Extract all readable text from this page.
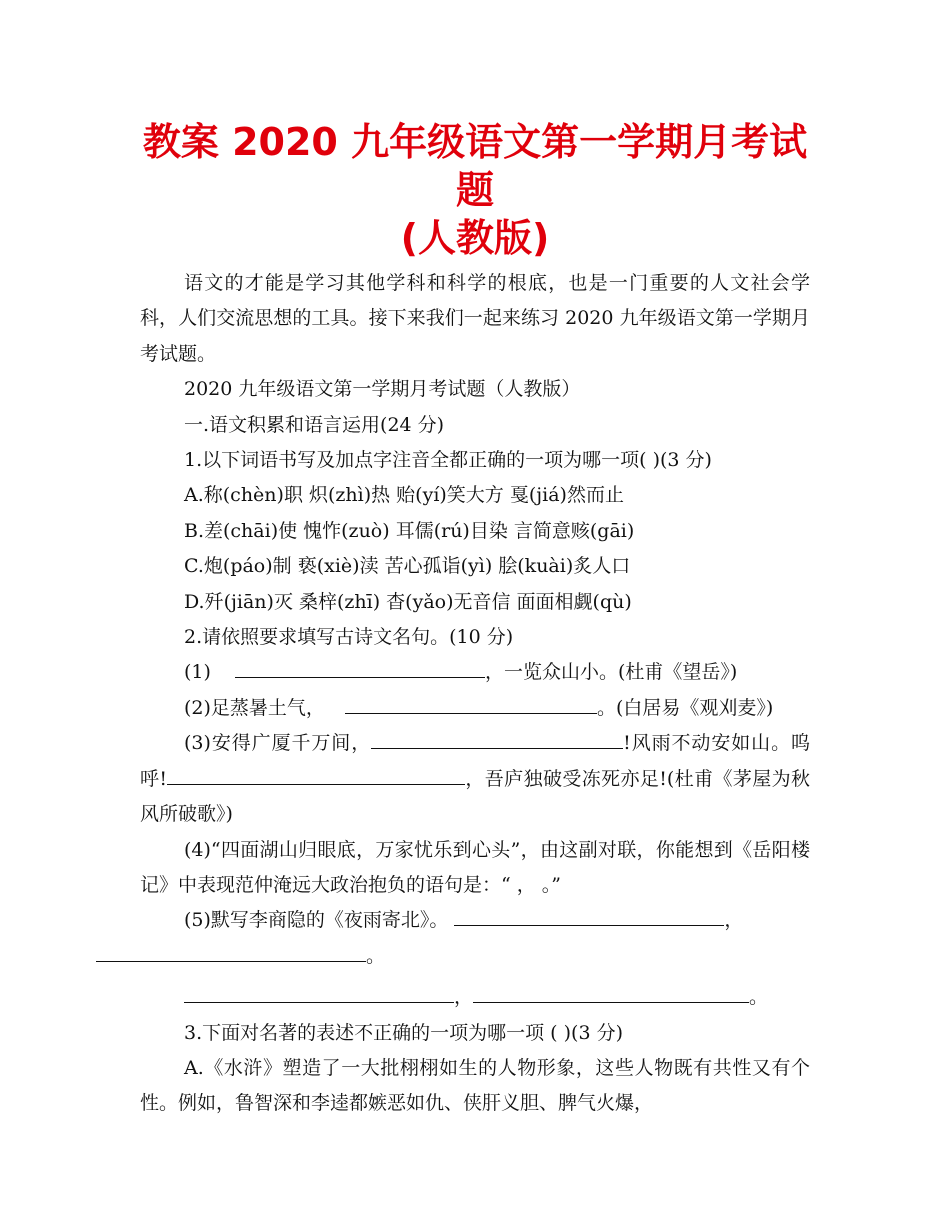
教案 2020 九年级语文第一学期月考试题
(人教版)

语文的才能是学习其他学科和科学的根底，也是一门重要的人文社会学科，人们交流思想的工具。接下来我们一起来练习 2020 九年级语文第一学期月考试题。

2020 九年级语文第一学期月考试题（人教版）

一.语文积累和语言运用(24 分)

1.以下词语书写及加点字注音全都正确的一项为哪一项( )(3 分)

A.称(chèn)职 炽(zhì)热 贻(yí)笑大方 戛(jiá)然而止

B.差(chāi)使 愧怍(zuò) 耳儒(rú)目染 言简意赅(gāi)

C.炮(páo)制 亵(xiè)渎 苦心孤诣(yì) 脍(kuài)炙人口

D.歼(jiān)灭 桑梓(zhī) 杳(yǎo)无音信 面面相觑(qù)

2.请依照要求填写古诗文名句。(10 分)

(1)	，一览众山小。(杜甫《望岳》)

(2)足蒸暑土气，	。(白居易《观刈麦》)

(3)安得广厦千万间，	!风雨不动安如山。呜呼!	，吾庐独破受冻死亦足!(杜甫《茅屋为秋风所破歌》)

(4)“四面湖山归眼底，万家忧乐到心头”，由这副对联，你能想到《岳阳楼记》中表现范仲淹远大政治抱负的语句是：“ ， 。”

(5)默写李商隐的《夜雨寄北》。	，
。

，	。

3.下面对名著的表述不正确的一项为哪一项 ( )(3 分)

A.《水浒》塑造了一大批栩栩如生的人物形象，这些人物既有共性又有个性。例如，鲁智深和李逵都嫉恶如仇、侠肝义胆、脾气火爆，
